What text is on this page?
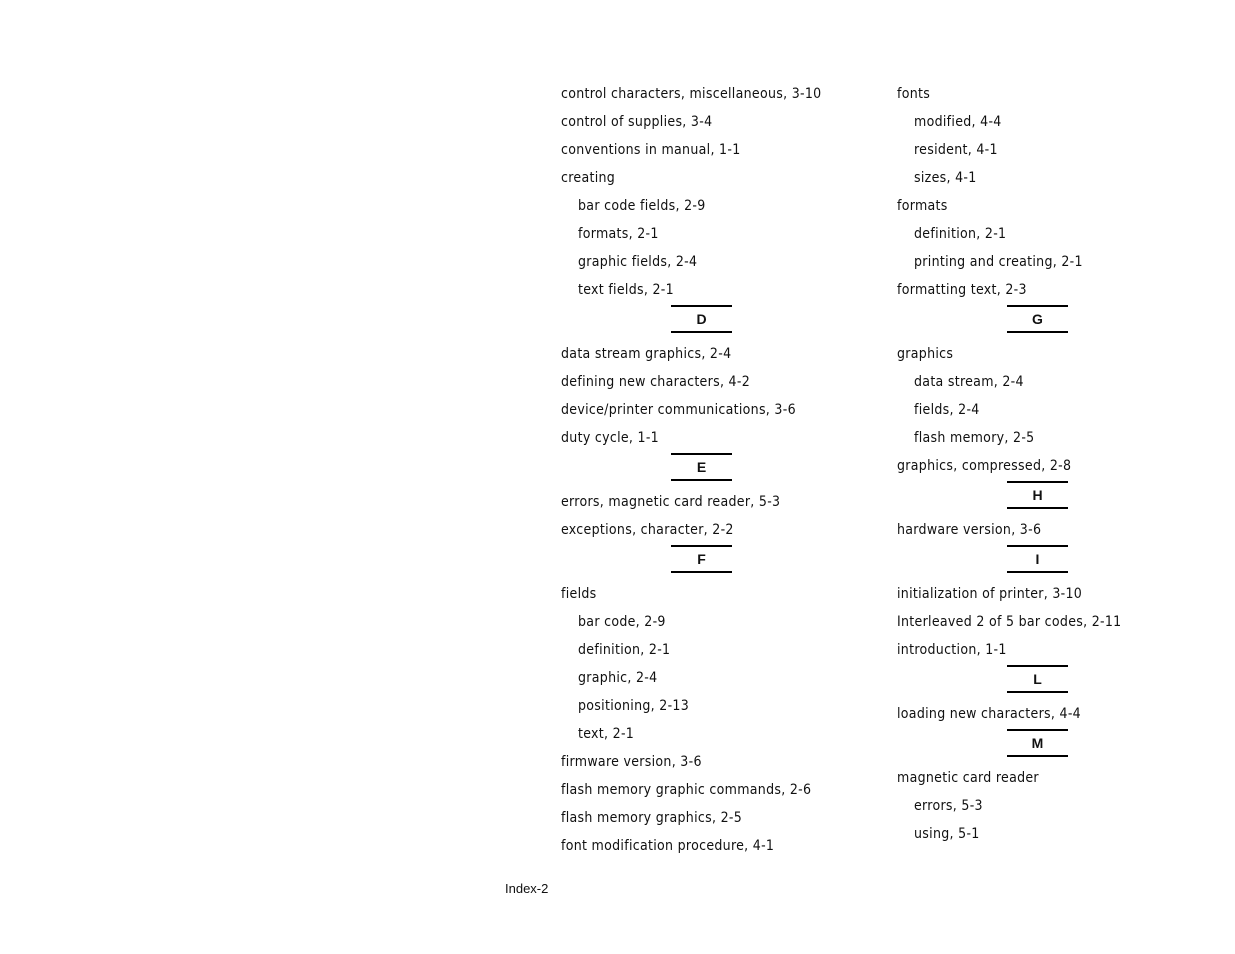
control characters, miscellaneous, 3-10
control of supplies, 3-4
conventions in manual, 1-1
creating
bar code fields, 2-9
formats, 2-1
graphic fields, 2-4
text fields, 2-1
D
data stream graphics, 2-4
defining new characters, 4-2
device/printer communications, 3-6
duty cycle, 1-1
E
errors, magnetic card reader, 5-3
exceptions, character, 2-2
F
fields
bar code, 2-9
definition, 2-1
graphic, 2-4
positioning, 2-13
text, 2-1
firmware version, 3-6
flash memory graphic commands, 2-6
flash memory graphics, 2-5
font modification procedure, 4-1
fonts
modified, 4-4
resident, 4-1
sizes, 4-1
formats
definition, 2-1
printing and creating, 2-1
formatting text, 2-3
G
graphics
data stream, 2-4
fields, 2-4
flash memory, 2-5
graphics, compressed, 2-8
H
hardware version, 3-6
I
initialization of printer, 3-10
Interleaved 2 of 5 bar codes, 2-11
introduction, 1-1
L
loading new characters, 4-4
M
magnetic card reader
errors, 5-3
using, 5-1
Index-2
